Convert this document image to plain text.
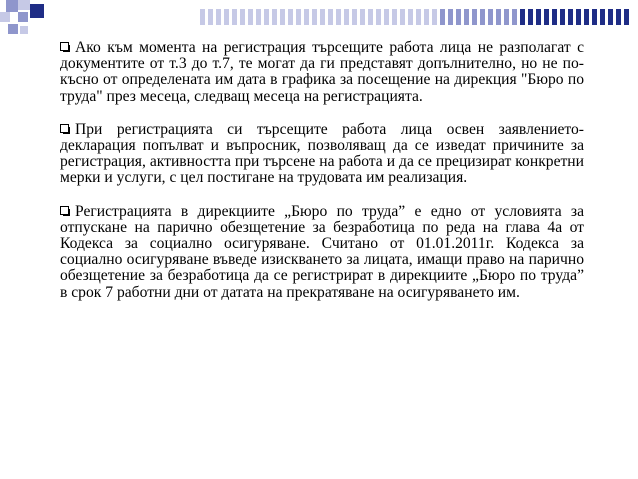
Ако към момента на регистрация търсещите работа лица не разполагат с документите от т.3 до т.7, те могат да ги представят допълнително, но не по-късно от определената им дата в графика за посещение на дирекция "Бюро по труда" през месеца, следващ месеца на регистрацията.

При регистрацията си търсещите работа лица освен заявлението-декларация попълват и въпросник, позволяващ да се изведат причините за регистрация, активността при търсене на работа и да се прецизират конкретни мерки и услуги, с цел постигане на трудовата им реализация.

Регистрацията в дирекциите „Бюро по труда” е едно от условията за отпускане на парично обезщетение за безработица по реда на глава 4а от Кодекса за социално осигуряване. Считано от 01.01.2011г. Кодекса за социално осигуряване въведе изискването за лицата, имащи право на парично обезщетение за безработица да се регистрират в дирекциите „Бюро по труда” в срок 7 работни дни от датата на прекратяване на осигуряването им.
